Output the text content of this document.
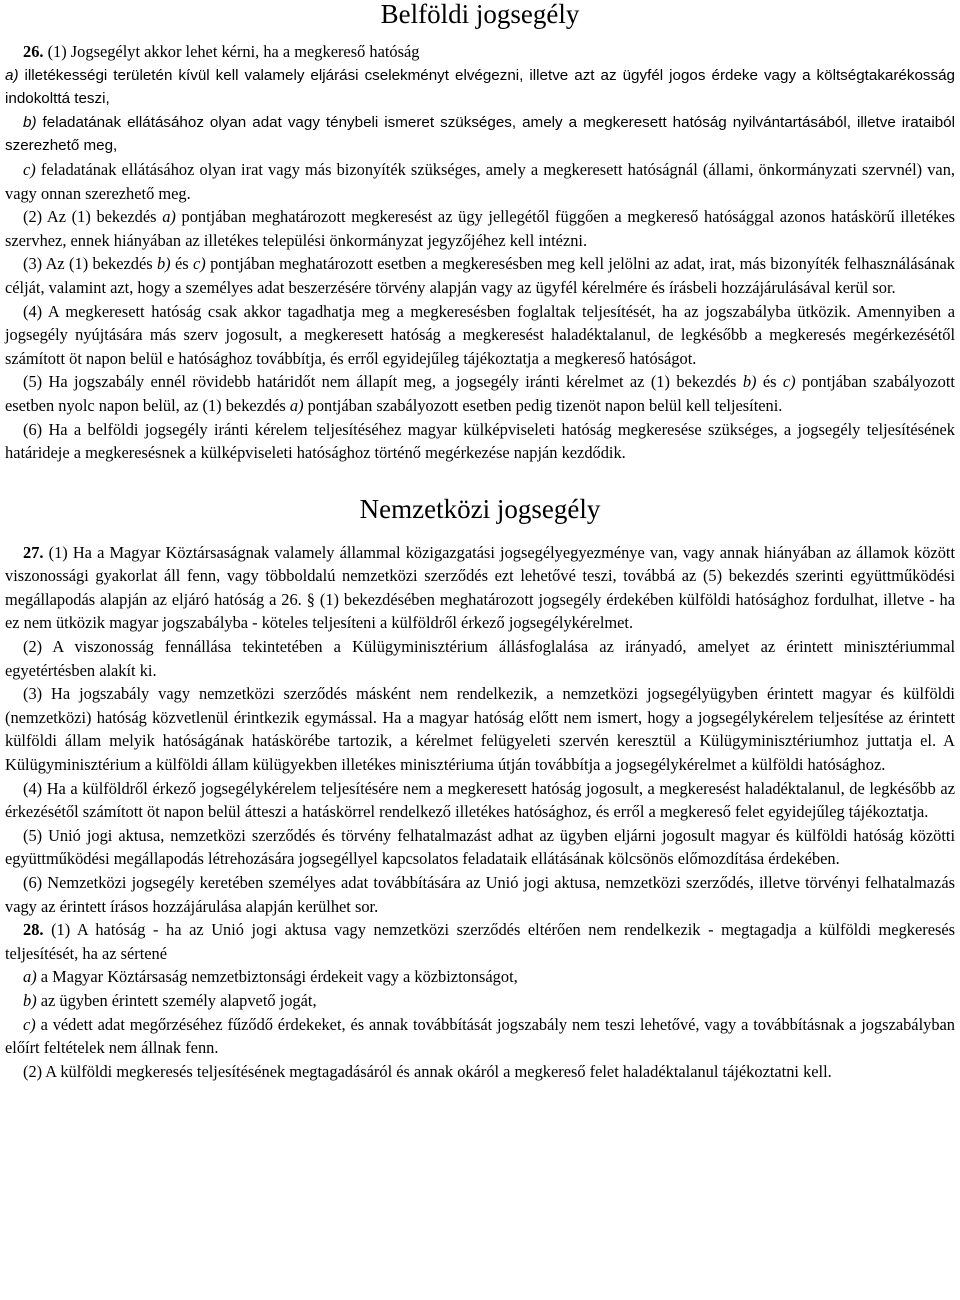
Belföldi jogsegély

26. (1) Jogsegélyt akkor lehet kérni, ha a megkereső hatóság

a) illetékességi területén kívül kell valamely eljárási cselekményt elvégezni, illetve azt az ügyfél jogos érdeke vagy a költségtakarékosság indokolttá teszi,

b) feladatának ellátásához olyan adat vagy ténybeli ismeret szükséges, amely a megkeresett hatóság nyilvántartásából, illetve irataiból szerezhető meg,

c) feladatának ellátásához olyan irat vagy más bizonyíték szükséges, amely a megkeresett hatóságnál (állami, önkormányzati szervnél) van, vagy onnan szerezhető meg.

(2) Az (1) bekezdés a) pontjában meghatározott megkeresést az ügy jellegétől függően a megkereső hatósággal azonos hatáskörű illetékes szervhez, ennek hiányában az illetékes települési önkormányzat jegyzőjéhez kell intézni.

(3) Az (1) bekezdés b) és c) pontjában meghatározott esetben a megkeresésben meg kell jelölni az adat, irat, más bizonyíték felhasználásának célját, valamint azt, hogy a személyes adat beszerzésére törvény alapján vagy az ügyfél kérelmére és írásbeli hozzájárulásával kerül sor.

(4) A megkeresett hatóság csak akkor tagadhatja meg a megkeresésben foglaltak teljesítését, ha az jogszabályba ütközik. Amennyiben a jogsegély nyújtására más szerv jogosult, a megkeresett hatóság a megkeresést haladéktalanul, de legkésőbb a megkeresés megérkezésétől számított öt napon belül e hatósághoz továbbítja, és erről egyidejűleg tájékoztatja a megkereső hatóságot.

(5) Ha jogszabály ennél rövidebb határidőt nem állapít meg, a jogsegély iránti kérelmet az (1) bekezdés b) és c) pontjában szabályozott esetben nyolc napon belül, az (1) bekezdés a) pontjában szabályozott esetben pedig tizenöt napon belül kell teljesíteni.

(6) Ha a belföldi jogsegély iránti kérelem teljesítéséhez magyar külképviseleti hatóság megkeresése szükséges, a jogsegély teljesítésének határideje a megkeresésnek a külképviseleti hatósághoz történő megérkezése napján kezdődik.

Nemzetközi jogsegély

27. (1) Ha a Magyar Köztársaságnak valamely állammal közigazgatási jogsegélyegyezménye van, vagy annak hiányában az államok között viszonossági gyakorlat áll fenn, vagy többoldalú nemzetközi szerződés ezt lehetővé teszi, továbbá az (5) bekezdés szerinti együttműködési megállapodás alapján az eljáró hatóság a 26. § (1) bekezdésében meghatározott jogsegély érdekében külföldi hatósághoz fordulhat, illetve - ha ez nem ütközik magyar jogszabályba - köteles teljesíteni a külföldről érkező jogsegélykérelmet.

(2) A viszonosság fennállása tekintetében a Külügyminisztérium állásfoglalása az irányadó, amelyet az érintett minisztériummal egyetértésben alakít ki.

(3) Ha jogszabály vagy nemzetközi szerződés másként nem rendelkezik, a nemzetközi jogsegélyügyben érintett magyar és külföldi (nemzetközi) hatóság közvetlenül érintkezik egymással. Ha a magyar hatóság előtt nem ismert, hogy a jogsegélykérelem teljesítése az érintett külföldi állam melyik hatóságának hatáskörébe tartozik, a kérelmet felügyeleti szervén keresztül a Külügyminisztériumhoz juttatja el. A Külügyminisztérium a külföldi állam külügyekben illetékes minisztériuma útján továbbítja a jogsegélykérelmet a külföldi hatósághoz.

(4) Ha a külföldről érkező jogsegélykérelem teljesítésére nem a megkeresett hatóság jogosult, a megkeresést haladéktalanul, de legkésőbb az érkezésétől számított öt napon belül átteszi a hatáskörrel rendelkező illetékes hatósághoz, és erről a megkereső felet egyidejűleg tájékoztatja.

(5) Unió jogi aktusa, nemzetközi szerződés és törvény felhatalmazást adhat az ügyben eljárni jogosult magyar és külföldi hatóság közötti együttműködési megállapodás létrehozására jogsegéllyel kapcsolatos feladataik ellátásának kölcsönös előmozdítása érdekében.

(6) Nemzetközi jogsegély keretében személyes adat továbbítására az Unió jogi aktusa, nemzetközi szerződés, illetve törvényi felhatalmazás vagy az érintett írásos hozzájárulása alapján kerülhet sor.

28. (1) A hatóság - ha az Unió jogi aktusa vagy nemzetközi szerződés eltérően nem rendelkezik - megtagadja a külföldi megkeresés teljesítését, ha az sértené

a) a Magyar Köztársaság nemzetbiztonsági érdekeit vagy a közbiztonságot,

b) az ügyben érintett személy alapvető jogát,

c) a védett adat megőrzéséhez fűződő érdekeket, és annak továbbítását jogszabály nem teszi lehetővé, vagy a továbbításnak a jogszabályban előírt feltételek nem állnak fenn.

(2) A külföldi megkeresés teljesítésének megtagadásáról és annak okáról a megkereső felet haladéktalanul tájékoztatni kell.
